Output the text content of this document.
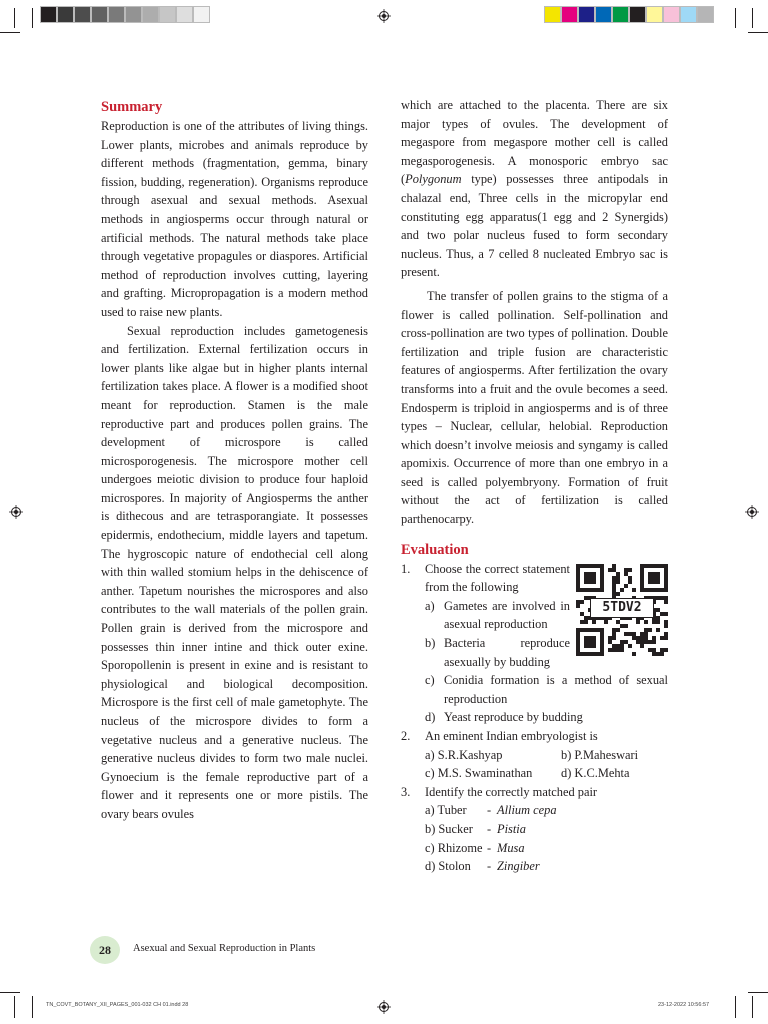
Summary

Reproduction is one of the attributes of living things. Lower plants, microbes and animals reproduce by different methods (fragmentation, gemma, binary fission, budding, regeneration). Organisms reproduce through asexual and sexual methods. Asexual methods in angiosperms occur through natural or artificial methods. The natural methods take place through vegetative propagules or diaspores. Artificial method of reproduction involves cutting, layering and grafting. Micropropagation is a modern method used to raise new plants.

Sexual reproduction includes gametogenesis and fertilization. External fertilization occurs in lower plants like algae but in higher plants internal fertilization takes place. A flower is a modified shoot meant for reproduction. Stamen is the male reproductive part and produces pollen grains. The development of microspore is called microsporogenesis. The microspore mother cell undergoes meiotic division to produce four haploid microspores. In majority of Angiosperms the anther is dithecous and are tetrasporangiate. It possesses epidermis, endothecium, middle layers and tapetum. The hygroscopic nature of endothecial cell along with thin walled stomium helps in the dehiscence of anther. Tapetum nourishes the microspores and also contributes to the wall materials of the pollen grain. Pollen grain is derived from the microspore and possesses thin inner intine and thick outer exine. Sporopollenin is present in exine and is resistant to physiological and biological decomposition. Microspore is the first cell of male gametophyte. The nucleus of the microspore divides to form a vegetative nucleus and a generative nucleus. The generative nucleus divides to form two male nuclei. Gynoecium is the female reproductive part of a flower and it represents one or more pistils. The ovary bears ovules

which are attached to the placenta. There are six major types of ovules. The development of megaspore from megaspore mother cell is called megasporogenesis. A monosporic embryo sac (Polygonum type) possesses three antipodals in chalazal end, Three cells in the micropylar end constituting egg apparatus(1 egg and 2 Synergids) and two polar nucleus fused to form secondary nucleus. Thus, a 7 celled 8 nucleated Embryo sac is present.

The transfer of pollen grains to the stigma of a flower is called pollination. Self-pollination and cross-pollination are two types of pollination. Double fertilization and triple fusion are characteristic features of angiosperms. After fertilization the ovary transforms into a fruit and the ovule becomes a seed. Endosperm is triploid in angiosperms and is of three types – Nuclear, cellular, helobial. Reproduction which doesn’t involve meiosis and syngamy is called apomixis. Occurrence of more than one embryo in a seed is called polyembryony. Formation of fruit without the act of fertilization is called parthenocarpy.

Evaluation
5TDV2
1.	Choose the correct statement from the following
a) Gametes are involved in asexual reproduction
b) Bacteria reproduce asexually by budding
c) Conidia formation is a method of sexual reproduction
d) Yeast reproduce by budding
2.	An eminent Indian embryologist is
a) S.R.Kashyap	b) P.Maheswari
c) M.S. Swaminathan	d) K.C.Mehta
3.	Identify the correctly matched pair
a) Tuber	- Allium cepa
b) Sucker	- Pistia
c) Rhizome - Musa
d) Stolon	- Zingiber
28	Asexual and Sexual Reproduction in Plants
TN_COVT_BOTANY_XII_PAGES_001-032 CH 01.indd 28	23-12-2022 10:56:57
